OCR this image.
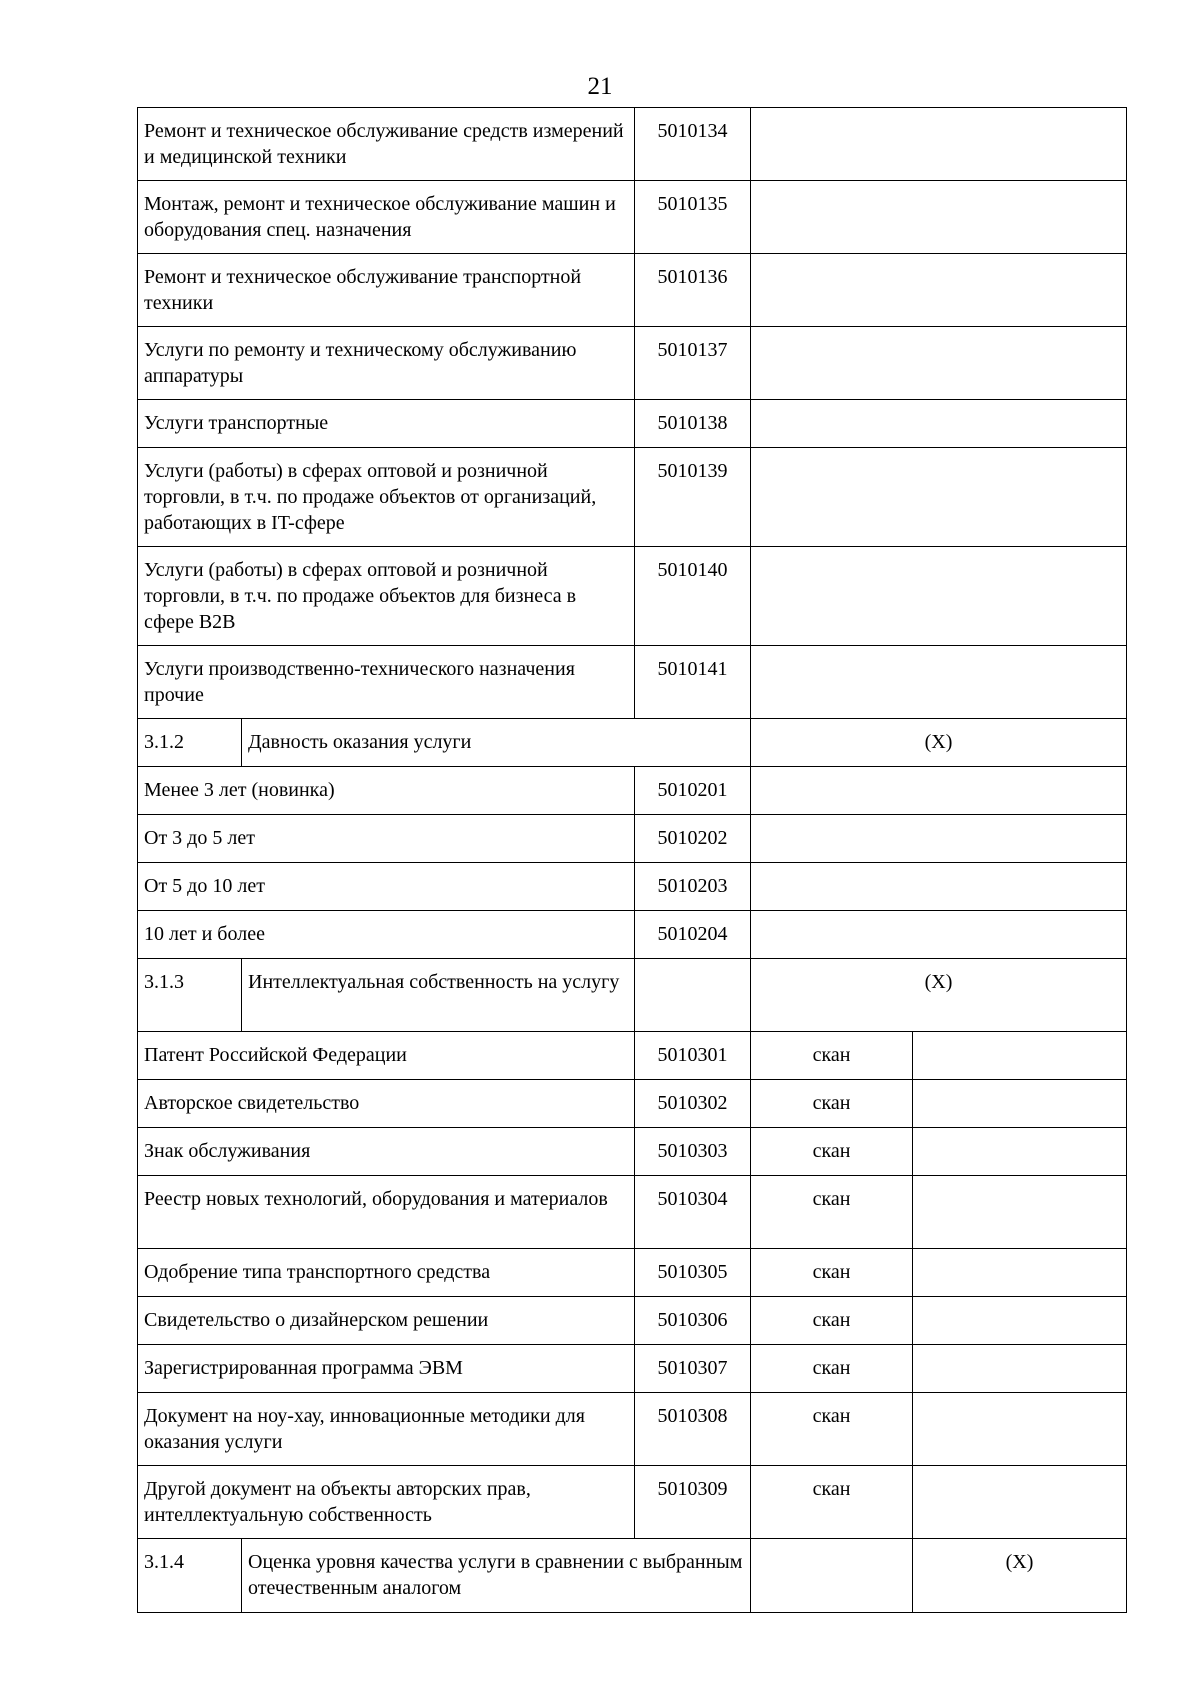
21
Ремонт и техническое обслуживание средств измерений и медицинской техники		5010134		
Монтаж, ремонт и техническое обслуживание машин и оборудования спец. назначения		5010135		
Ремонт и техническое обслуживание транспортной техники		5010136		
Услуги по ремонту и техническому обслуживанию аппаратуры		5010137		
Услуги транспортные		5010138		
Услуги (работы) в сферах оптовой и розничной торговли, в т.ч. по продаже объектов от организаций, работающих в IT-сфере		5010139		
Услуги (работы) в сферах оптовой и розничной торговли, в т.ч. по продаже объектов для бизнеса в сфере B2B		5010140		
Услуги производственно-технического назначения прочие		5010141		
3.1.2	Давность оказания услуги		(X)	
Менее 3 лет (новинка)		5010201		
От 3 до 5 лет		5010202		
От 5 до 10 лет		5010203		
10 лет и более		5010204		
3.1.3	Интеллектуальная собственность на услугу		(X)	
Патент Российской Федерации		5010301	скан	
Авторское свидетельство		5010302	скан	
Знак обслуживания		5010303	скан	
Реестр новых технологий, оборудования и материалов		5010304	скан	
Одобрение типа транспортного средства		5010305	скан	
Свидетельство о дизайнерском решении		5010306	скан	
Зарегистрированная программа ЭВМ		5010307	скан	
Документ на ноу-хау, инновационные методики для оказания услуги		5010308	скан	
Другой документ на объекты авторских прав, интеллектуальную собственность		5010309	скан	
3.1.4	Оценка уровня качества услуги в сравнении с выбранным отечественным аналогом			(X)
